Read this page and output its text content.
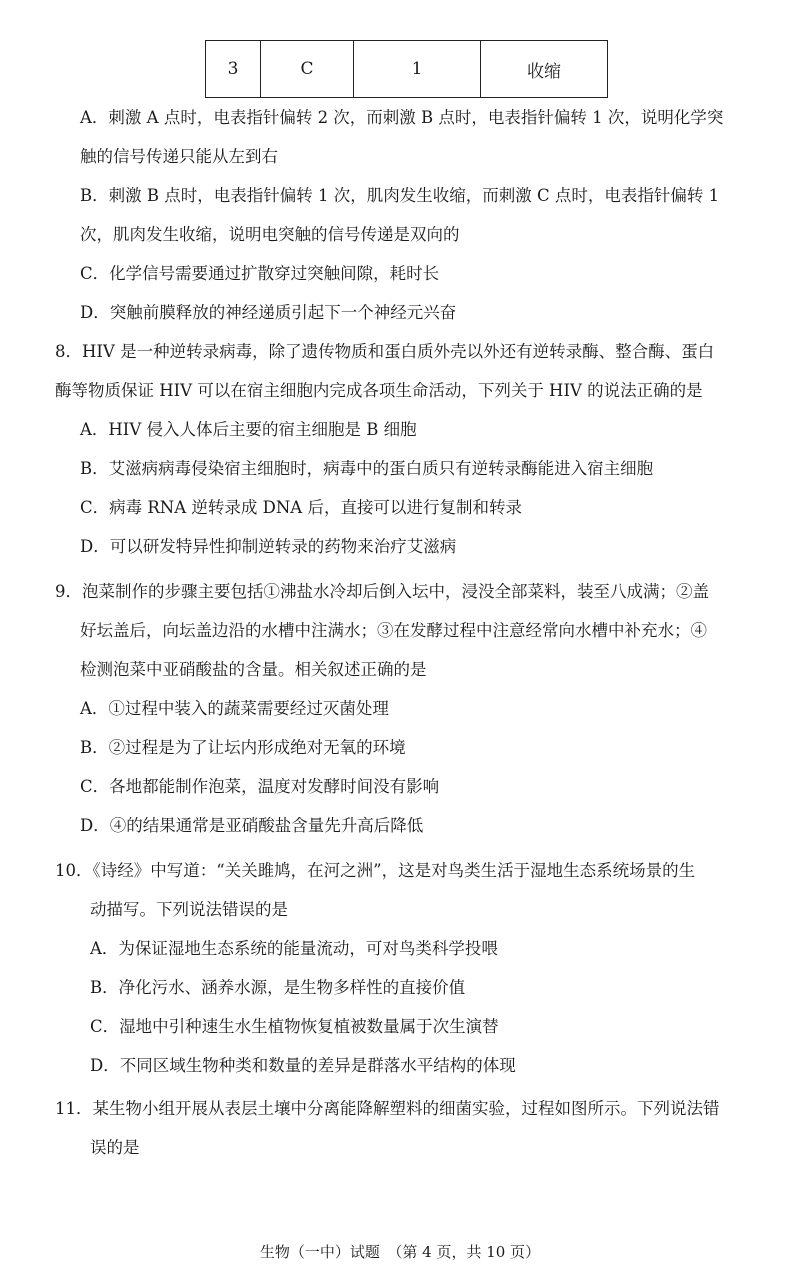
3	C	1	收缩
A．刺激 A 点时，电表指针偏转 2 次，而刺激 B 点时，电表指针偏转 1 次，说明化学突
触的信号传递只能从左到右
B．刺激 B 点时，电表指针偏转 1 次，肌肉发生收缩，而刺激 C 点时，电表指针偏转 1
次，肌肉发生收缩，说明电突触的信号传递是双向的
C．化学信号需要通过扩散穿过突触间隙，耗时长
D．突触前膜释放的神经递质引起下一个神经元兴奋
8．HIV 是一种逆转录病毒，除了遗传物质和蛋白质外壳以外还有逆转录酶、整合酶、蛋白
酶等物质保证 HIV 可以在宿主细胞内完成各项生命活动，下列关于 HIV 的说法正确的是
A．HIV 侵入人体后主要的宿主细胞是 B 细胞
B．艾滋病病毒侵染宿主细胞时，病毒中的蛋白质只有逆转录酶能进入宿主细胞
C．病毒 RNA 逆转录成 DNA 后，直接可以进行复制和转录
D．可以研发特异性抑制逆转录的药物来治疗艾滋病
9．泡菜制作的步骤主要包括①沸盐水冷却后倒入坛中，浸没全部菜料，装至八成满；②盖
好坛盖后，向坛盖边沿的水槽中注满水；③在发酵过程中注意经常向水槽中补充水；④
检测泡菜中亚硝酸盐的含量。相关叙述正确的是
A．①过程中装入的蔬菜需要经过灭菌处理
B．②过程是为了让坛内形成绝对无氧的环境
C．各地都能制作泡菜，温度对发酵时间没有影响
D．④的结果通常是亚硝酸盐含量先升高后降低
10．《诗经》中写道：“关关雎鸠，在河之洲”，这是对鸟类生活于湿地生态系统场景的生
动描写。下列说法错误的是
A．为保证湿地生态系统的能量流动，可对鸟类科学投喂
B．净化污水、涵养水源，是生物多样性的直接价值
C．湿地中引种速生水生植物恢复植被数量属于次生演替
D．不同区域生物种类和数量的差异是群落水平结构的体现
11．某生物小组开展从表层土壤中分离能降解塑料的细菌实验，过程如图所示。下列说法错
误的是
生物（一中）试题　（第 4 页，共 10 页）
